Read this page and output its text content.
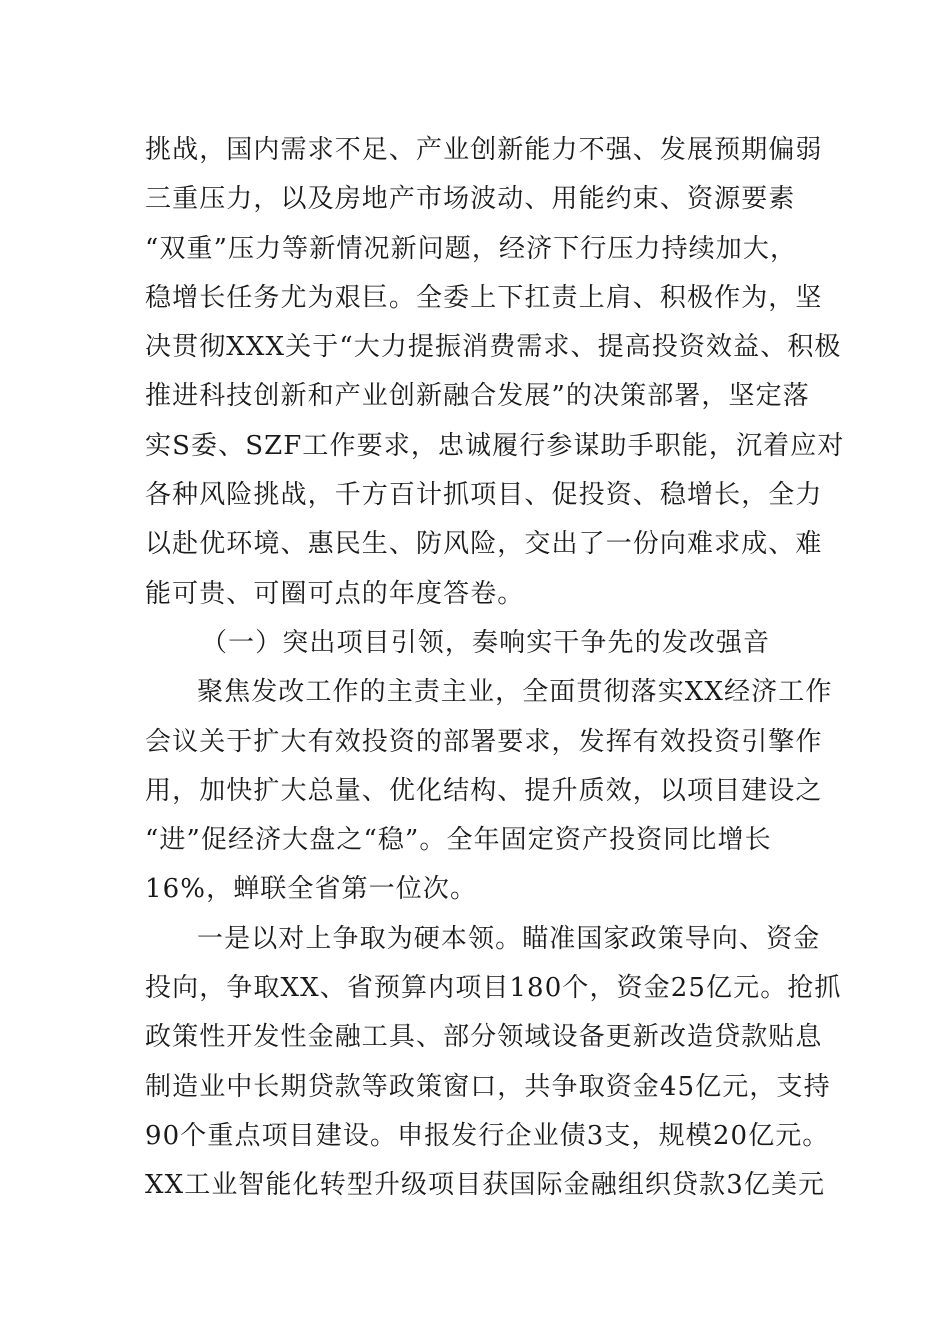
挑战，国内需求不足、产业创新能力不强、发展预期偏弱
三重压力，以及房地产市场波动、用能约束、资源要素
“双重”压力等新情况新问题，经济下行压力持续加大，
稳增长任务尤为艰巨。全委上下扛责上肩、积极作为，坚
决贯彻XXX关于“大力提振消费需求、提高投资效益、积极
推进科技创新和产业创新融合发展”的决策部署，坚定落
实S委、SZF工作要求，忠诚履行参谋助手职能，沉着应对
各种风险挑战，千方百计抓项目、促投资、稳增长，全力
以赴优环境、惠民生、防风险，交出了一份向难求成、难
能可贵、可圈可点的年度答卷。
（一）突出项目引领，奏响实干争先的发改强音
聚焦发改工作的主责主业，全面贯彻落实XX经济工作
会议关于扩大有效投资的部署要求，发挥有效投资引擎作
用，加快扩大总量、优化结构、提升质效，以项目建设之
“进”促经济大盘之“稳”。全年固定资产投资同比增长
16%，蝉联全省第一位次。
一是以对上争取为硬本领。瞄准国家政策导向、资金
投向，争取XX、省预算内项目180个，资金25亿元。抢抓
政策性开发性金融工具、部分领域设备更新改造贷款贴息
制造业中长期贷款等政策窗口，共争取资金45亿元，支持
90个重点项目建设。申报发行企业债3支，规模20亿元。
XX工业智能化转型升级项目获国际金融组织贷款3亿美元
